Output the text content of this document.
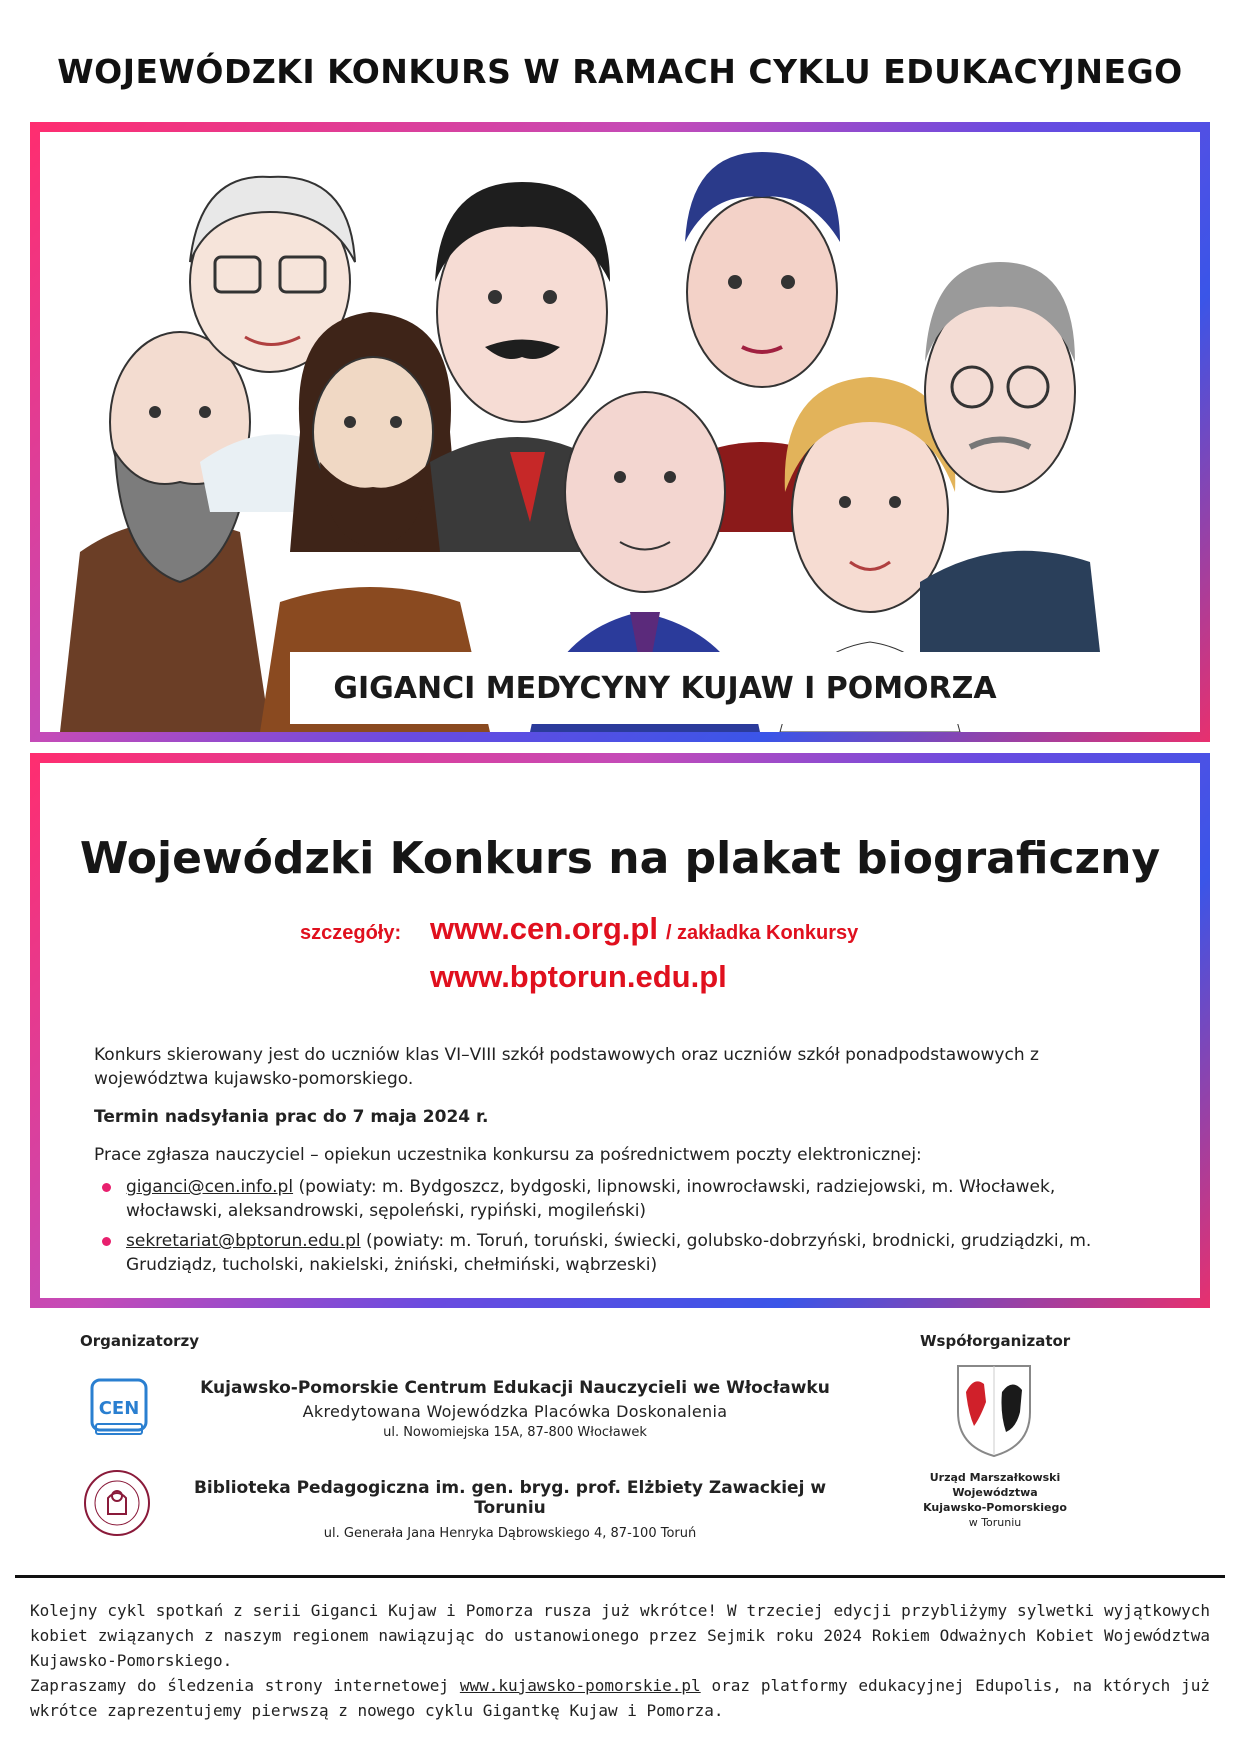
WOJEWÓDZKI KONKURS W RAMACH CYKLU EDUKACYJNEGO
GIGANCI MEDYCYNY KUJAW I POMORZA
Wojewódzki Konkurs na plakat biograficzny
szczegóły: www.cen.org.pl / zakładka Konkursy
www.bptorun.edu.pl

Konkurs skierowany jest do uczniów klas VI–VIII szkół podstawowych oraz uczniów szkół ponadpodstawowych z województwa kujawsko-pomorskiego.

Termin nadsyłania prac do 7 maja 2024 r.

Prace zgłasza nauczyciel – opiekun uczestnika konkursu za pośrednictwem poczty elektronicznej:

giganci@cen.info.pl (powiaty: m. Bydgoszcz, bydgoski, lipnowski, inowrocławski, radziejowski, m. Włocławek, włocławski, aleksandrowski, sępoleński, rypiński, mogileński)
sekretariat@bptorun.edu.pl (powiaty: m. Toruń, toruński, świecki, golubsko-dobrzyński, brodnicki, grudziądzki, m. Grudziądz, tucholski, nakielski, żniński, chełmiński, wąbrzeski)
Organizatorzy	Współorganizator
CEN
Kujawsko-Pomorskie Centrum Edukacji Nauczycieli we Włocławku
Akredytowana Wojewódzka Placówka Doskonalenia
ul. Nowomiejska 15A, 87-800 Włocławek
Biblioteka Pedagogiczna im. gen. bryg. prof. Elżbiety Zawackiej w Toruniu
ul. Generała Jana Henryka Dąbrowskiego 4, 87-100 Toruń
Urząd Marszałkowski
Województwa
Kujawsko-Pomorskiego
w Toruniu

Kolejny cykl spotkań z serii Giganci Kujaw i Pomorza rusza już wkrótce! W trzeciej edycji przybliżymy sylwetki wyjątkowych kobiet związanych z naszym regionem nawiązując do ustanowionego przez Sejmik roku 2024 Rokiem Odważnych Kobiet Województwa Kujawsko-Pomorskiego.

Zapraszamy do śledzenia strony internetowej www.kujawsko-pomorskie.pl oraz platformy edukacyjnej Edupolis, na których już wkrótce zaprezentujemy pierwszą z nowego cyklu Gigantkę Kujaw i Pomorza.
